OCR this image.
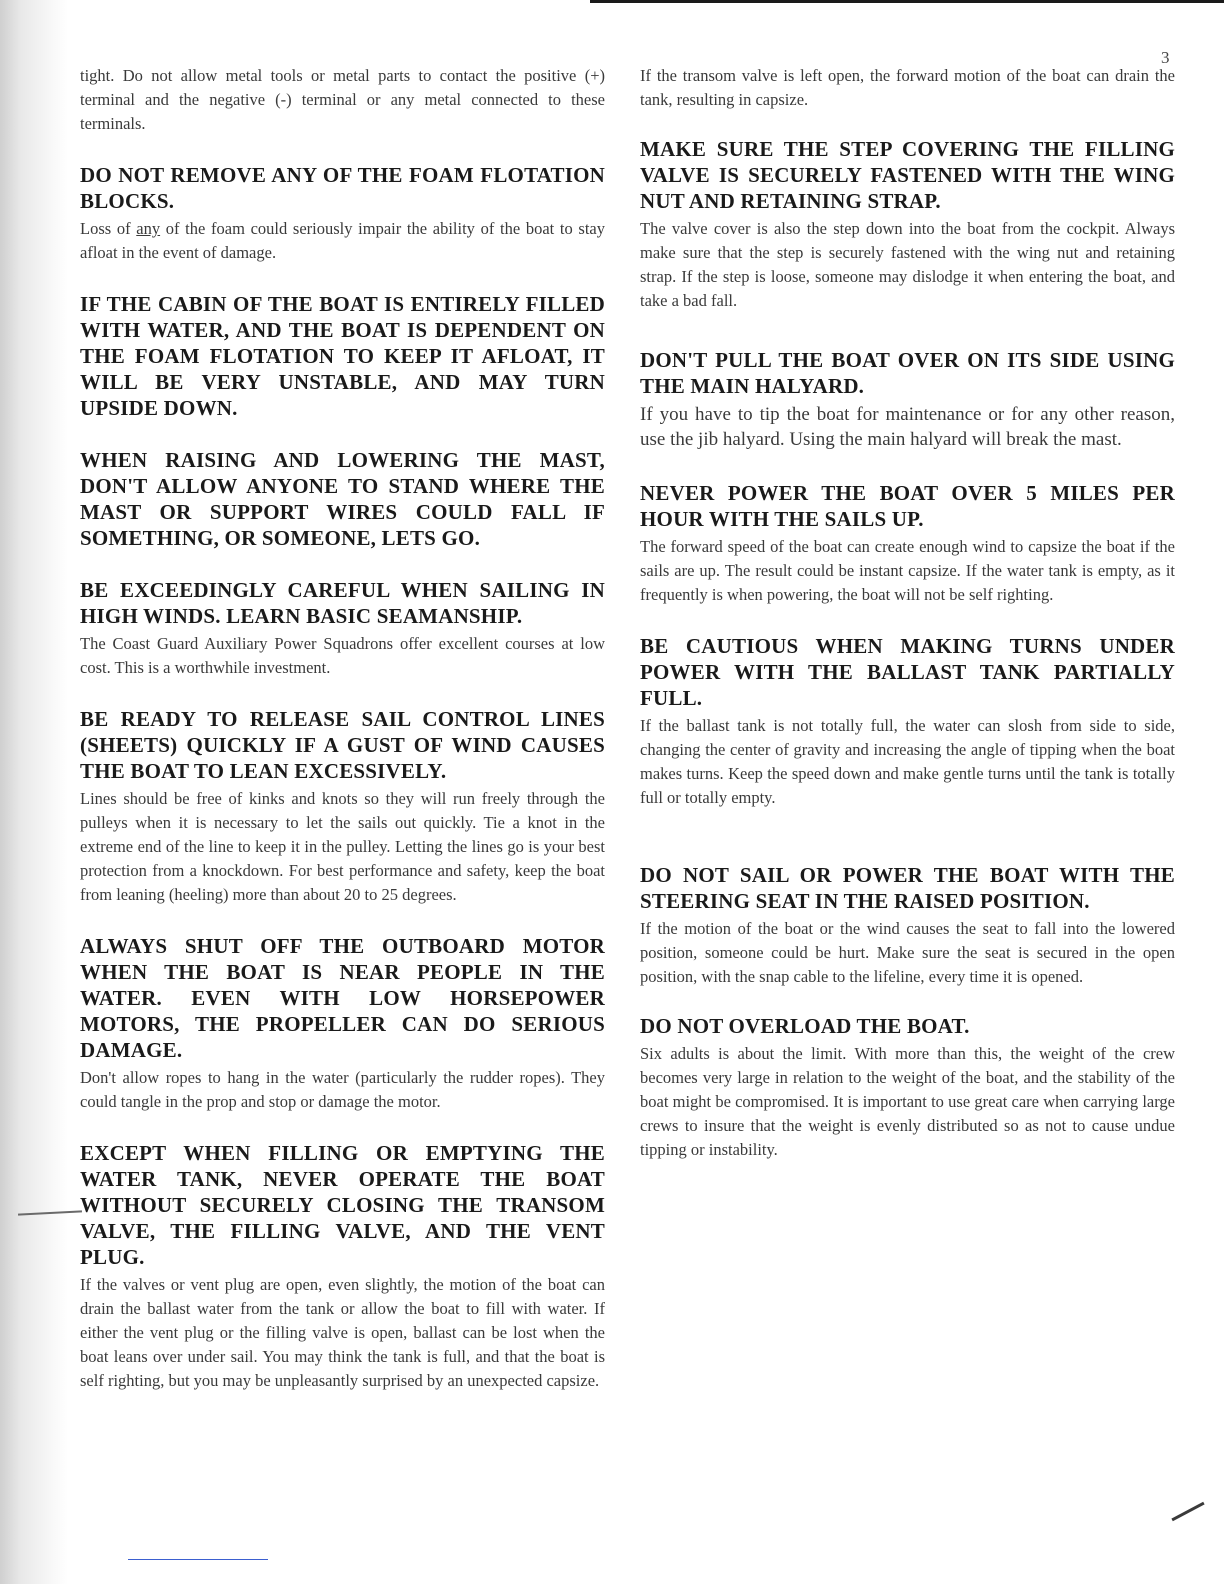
3

tight. Do not allow metal tools or metal parts to contact the positive (+) terminal and the negative (-) terminal or any metal connected to these terminals.

DO NOT REMOVE ANY OF THE FOAM FLOTATION BLOCKS.

Loss of any of the foam could seriously impair the ability of the boat to stay afloat in the event of damage.

IF THE CABIN OF THE BOAT IS ENTIRELY FILLED WITH WATER, AND THE BOAT IS DEPENDENT ON THE FOAM FLOTATION TO KEEP IT AFLOAT, IT WILL BE VERY UNSTABLE, AND MAY TURN UPSIDE DOWN.
WHEN RAISING AND LOWERING THE MAST, DON'T ALLOW ANYONE TO STAND WHERE THE MAST OR SUPPORT WIRES COULD FALL IF SOMETHING, OR SOMEONE, LETS GO.
BE EXCEEDINGLY CAREFUL WHEN SAILING IN HIGH WINDS. LEARN BASIC SEAMANSHIP.

The Coast Guard Auxiliary Power Squadrons offer excellent courses at low cost. This is a worthwhile investment.

BE READY TO RELEASE SAIL CONTROL LINES (SHEETS) QUICKLY IF A GUST OF WIND CAUSES THE BOAT TO LEAN EXCESSIVELY.

Lines should be free of kinks and knots so they will run freely through the pulleys when it is necessary to let the sails out quickly. Tie a knot in the extreme end of the line to keep it in the pulley. Letting the lines go is your best protection from a knockdown. For best performance and safety, keep the boat from leaning (heeling) more than about 20 to 25 degrees.

ALWAYS SHUT OFF THE OUTBOARD MOTOR WHEN THE BOAT IS NEAR PEOPLE IN THE WATER. EVEN WITH LOW HORSEPOWER MOTORS, THE PROPELLER CAN DO SERIOUS DAMAGE.

Don't allow ropes to hang in the water (particularly the rudder ropes). They could tangle in the prop and stop or damage the motor.

EXCEPT WHEN FILLING OR EMPTYING THE WATER TANK, NEVER OPERATE THE BOAT WITHOUT SECURELY CLOSING THE TRANSOM VALVE, THE FILLING VALVE, AND THE VENT PLUG.

If the valves or vent plug are open, even slightly, the motion of the boat can drain the ballast water from the tank or allow the boat to fill with water. If either the vent plug or the filling valve is open, ballast can be lost when the boat leans over under sail. You may think the tank is full, and that the boat is self righting, but you may be unpleasantly surprised by an unexpected capsize.

If the transom valve is left open, the forward motion of the boat can drain the tank, resulting in capsize.

MAKE SURE THE STEP COVERING THE FILLING VALVE IS SECURELY FASTENED WITH THE WING NUT AND RETAINING STRAP.

The valve cover is also the step down into the boat from the cockpit. Always make sure that the step is securely fastened with the wing nut and retaining strap. If the step is loose, someone may dislodge it when entering the boat, and take a bad fall.

DON'T PULL THE BOAT OVER ON ITS SIDE USING THE MAIN HALYARD.

If you have to tip the boat for maintenance or for any other reason, use the jib halyard. Using the main halyard will break the mast.

NEVER POWER THE BOAT OVER 5 MILES PER HOUR WITH THE SAILS UP.

The forward speed of the boat can create enough wind to capsize the boat if the sails are up. The result could be instant capsize. If the water tank is empty, as it frequently is when powering, the boat will not be self righting.

BE CAUTIOUS WHEN MAKING TURNS UNDER POWER WITH THE BALLAST TANK PARTIALLY FULL.

If the ballast tank is not totally full, the water can slosh from side to side, changing the center of gravity and increasing the angle of tipping when the boat makes turns. Keep the speed down and make gentle turns until the tank is totally full or totally empty.

DO NOT SAIL OR POWER THE BOAT WITH THE STEERING SEAT IN THE RAISED POSITION.

If the motion of the boat or the wind causes the seat to fall into the lowered position, someone could be hurt. Make sure the seat is secured in the open position, with the snap cable to the lifeline, every time it is opened.

DO NOT OVERLOAD THE BOAT.

Six adults is about the limit. With more than this, the weight of the crew becomes very large in relation to the weight of the boat, and the stability of the boat might be compromised. It is important to use great care when carrying large crews to insure that the weight is evenly distributed so as not to cause undue tipping or instability.
